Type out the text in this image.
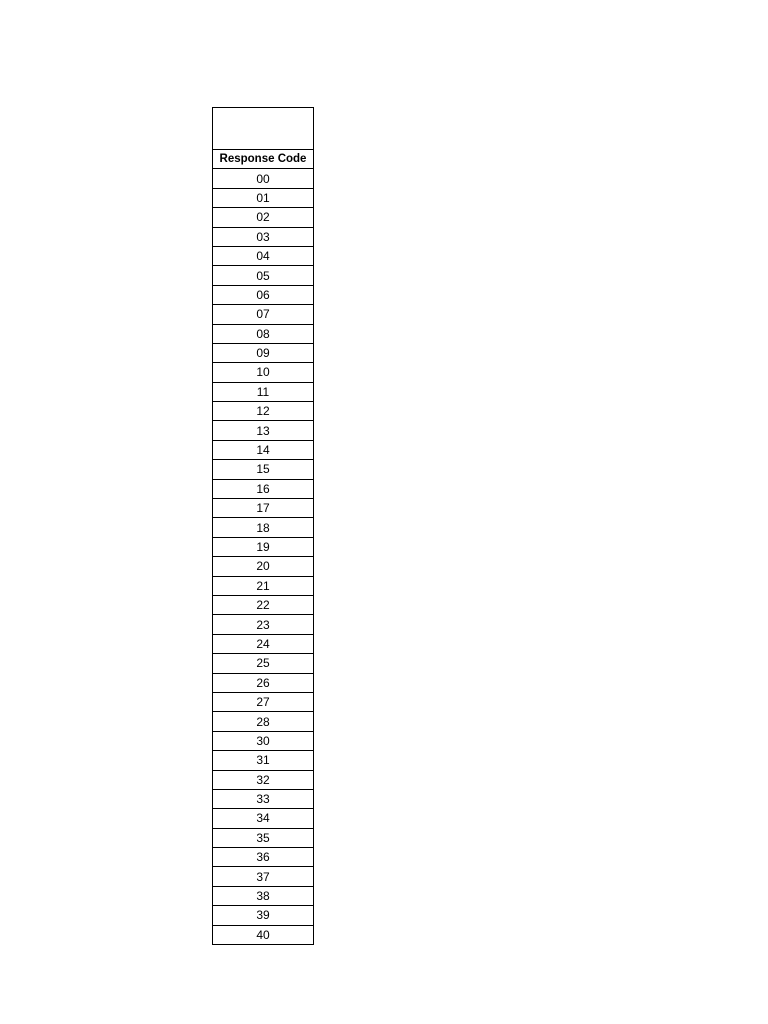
Response Code
00
01
02
03
04
05
06
07
08
09
10
11
12
13
14
15
16
17
18
19
20
21
22
23
24
25
26
27
28
30
31
32
33
34
35
36
37
38
39
40
